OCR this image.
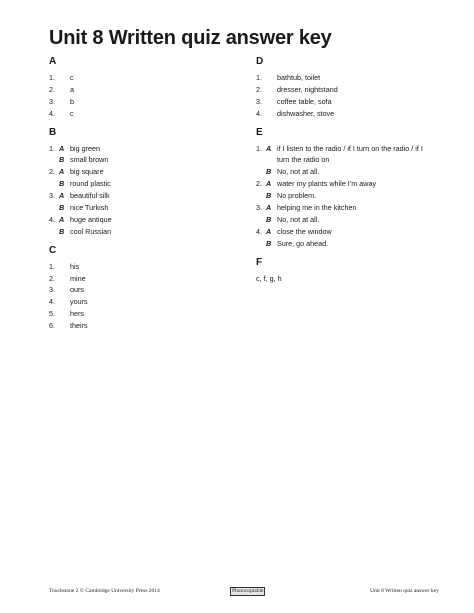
Unit 8 Written quiz answer key
A
1. c
2. a
3. b
4. c
B
1. A big green
B small brown
2. A big square
B round plastic
3. A beautiful silk
B nice Turkish
4. A huge antique
B cool Russian
C
1. his
2. mine
3. ours
4. yours
5. hers
6. theirs
D
1. bathtub, toilet
2. dresser, nightstand
3. coffee table, sofa
4. dishwasher, stove
E
1. A if I listen to the radio / if I turn on the radio / if I
turn the radio on
B No, not at all.
2. A water my plants while I’m away
B No problem.
3. A helping me in the kitchen
B No, not at all.
4. A close the window
B Sure, go ahead.
F
c, f, g, h
Touchstone 2 © Cambridge University Press 2014	Photocopiable	Unit 8 Written quiz answer key
